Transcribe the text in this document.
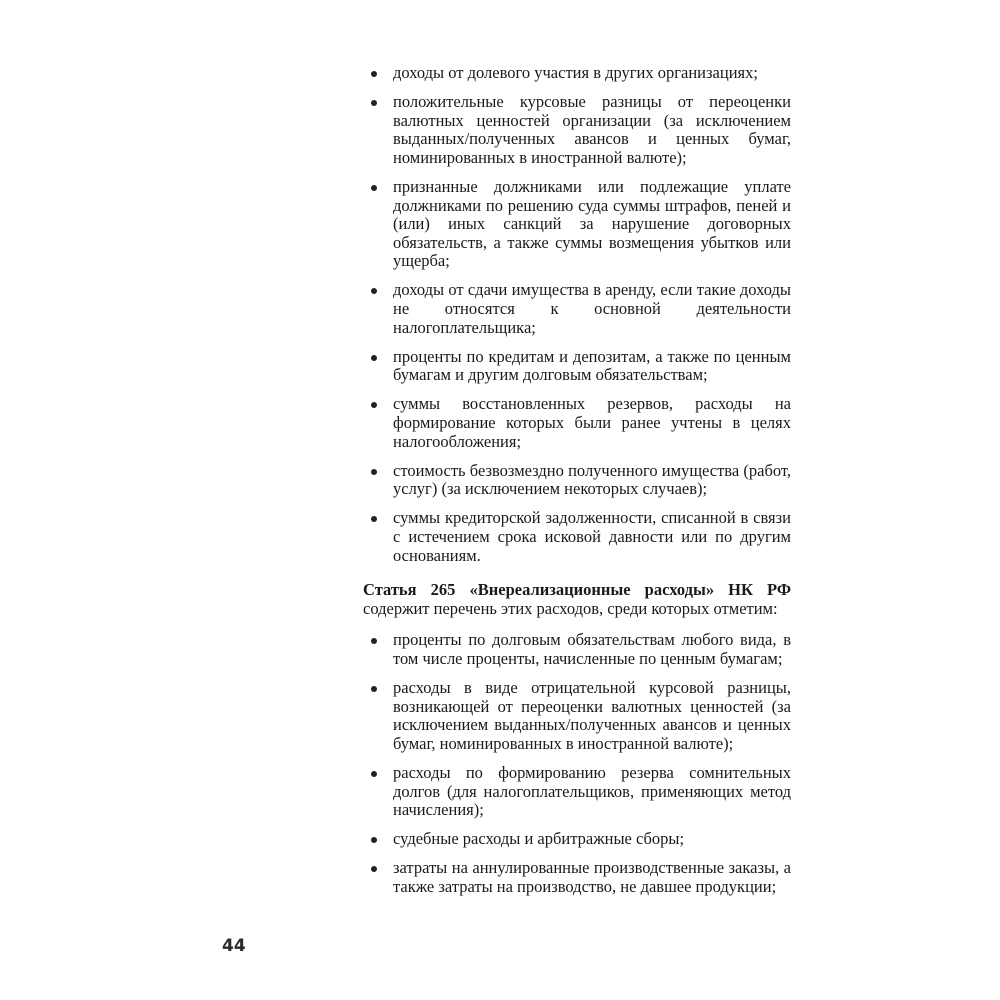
доходы от долевого участия в других организациях;
положительные курсовые разницы от переоценки валютных ценностей организации (за исключением выданных/полученных авансов и ценных бумаг, номинированных в иностранной валюте);
признанные должниками или подлежащие уплате должниками по решению суда суммы штрафов, пеней и (или) иных санкций за нарушение договорных обязательств, а также суммы возмещения убытков или ущерба;
доходы от сдачи имущества в аренду, если такие доходы не относятся к основной деятельности налогоплательщика;
проценты по кредитам и депозитам, а также по ценным бумагам и другим долговым обязательствам;
суммы восстановленных резервов, расходы на формирование которых были ранее учтены в целях налогообложения;
стоимость безвозмездно полученного имущества (работ, услуг) (за исключением некоторых случаев);
суммы кредиторской задолженности, списанной в связи с истечением срока исковой давности или по другим основаниям.

Статья 265 «Внереализационные расходы» НК РФ содержит перечень этих расходов, среди которых отметим:

проценты по долговым обязательствам любого вида, в том числе проценты, начисленные по ценным бумагам;
расходы в виде отрицательной курсовой разницы, возникающей от переоценки валютных ценностей (за исключением выданных/полученных авансов и ценных бумаг, номинированных в иностранной валюте);
расходы по формированию резерва сомнительных долгов (для налогоплательщиков, применяющих метод начисления);
судебные расходы и арбитражные сборы;
затраты на аннулированные производственные заказы, а также затраты на производство, не давшее продукции;
44
